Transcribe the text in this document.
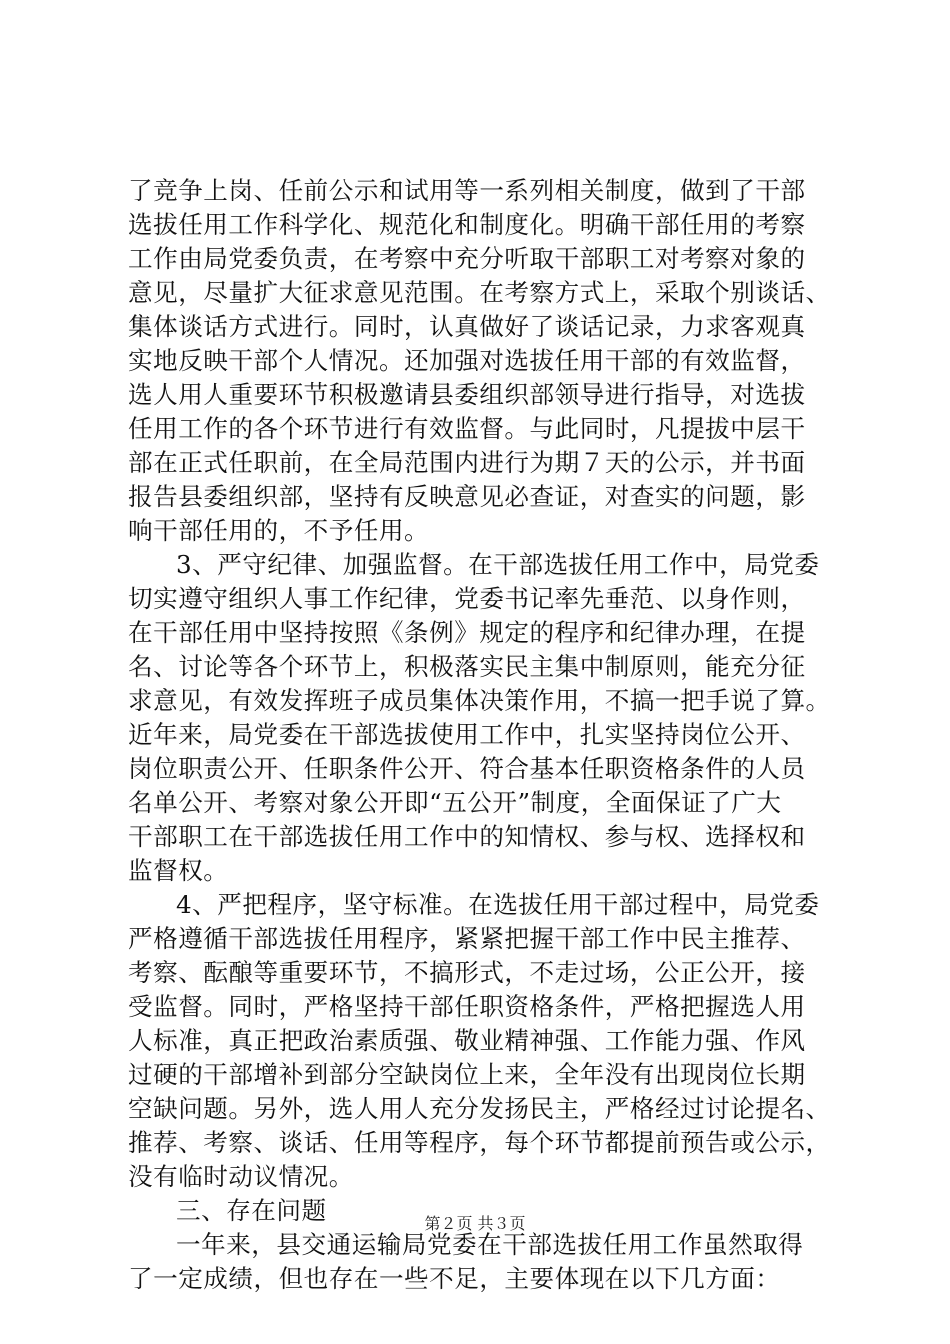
了竞争上岗、任前公示和试用等一系列相关制度，做到了干部
选拔任用工作科学化、规范化和制度化。明确干部任用的考察
工作由局党委负责，在考察中充分听取干部职工对考察对象的
意见，尽量扩大征求意见范围。在考察方式上，采取个别谈话、
集体谈话方式进行。同时，认真做好了谈话记录，力求客观真
实地反映干部个人情况。还加强对选拔任用干部的有效监督，
选人用人重要环节积极邀请县委组织部领导进行指导，对选拔
任用工作的各个环节进行有效监督。与此同时，凡提拔中层干
部在正式任职前，在全局范围内进行为期７天的公示，并书面
报告县委组织部，坚持有反映意见必查证，对查实的问题，影
响干部任用的，不予任用。
3、严守纪律、加强监督。在干部选拔任用工作中，局党委
切实遵守组织人事工作纪律，党委书记率先垂范、以身作则，
在干部任用中坚持按照《条例》规定的程序和纪律办理，在提
名、讨论等各个环节上，积极落实民主集中制原则，能充分征
求意见，有效发挥班子成员集体决策作用，不搞一把手说了算。
近年来，局党委在干部选拔使用工作中，扎实坚持岗位公开、
岗位职责公开、任职条件公开、符合基本任职资格条件的人员
名单公开、考察对象公开即“五公开”制度，全面保证了广大
干部职工在干部选拔任用工作中的知情权、参与权、选择权和
监督权。
4、严把程序，坚守标准。在选拔任用干部过程中，局党委
严格遵循干部选拔任用程序，紧紧把握干部工作中民主推荐、
考察、酝酿等重要环节，不搞形式，不走过场，公正公开，接
受监督。同时，严格坚持干部任职资格条件，严格把握选人用
人标准，真正把政治素质强、敬业精神强、工作能力强、作风
过硬的干部增补到部分空缺岗位上来，全年没有出现岗位长期
空缺问题。另外，选人用人充分发扬民主，严格经过讨论提名、
推荐、考察、谈话、任用等程序，每个环节都提前预告或公示，
没有临时动议情况。
三、存在问题
一年来，县交通运输局党委在干部选拔任用工作虽然取得
了一定成绩，但也存在一些不足，主要体现在以下几方面：
第２页 共３页
